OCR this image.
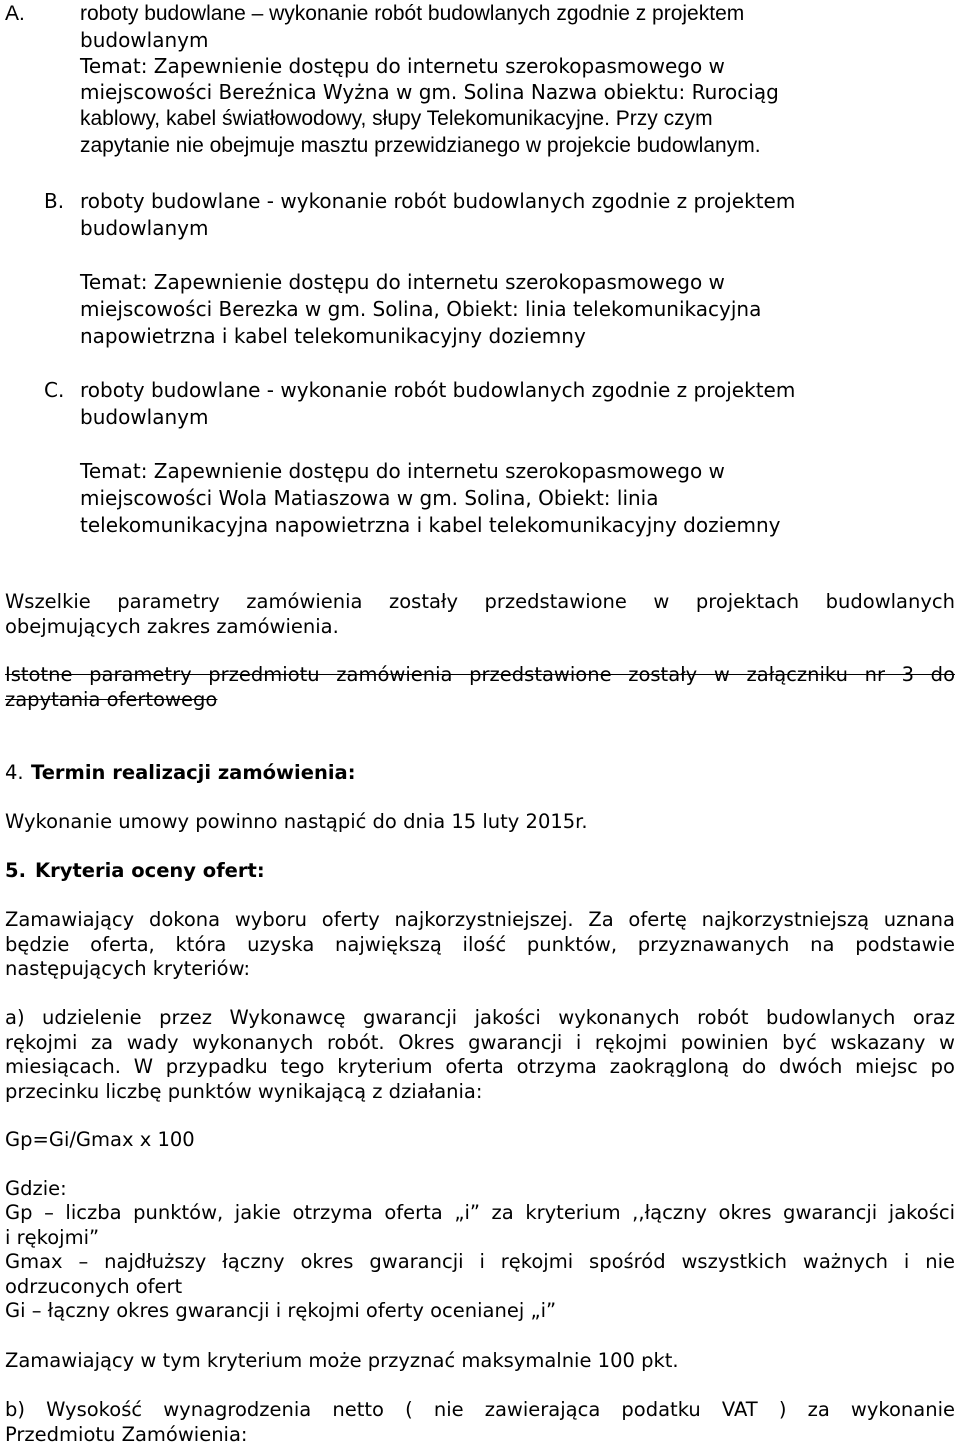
A.	roboty budowlane – wykonanie robót budowlanych zgodnie z projektem
budowlanym
Temat: Zapewnienie dostępu do internetu szerokopasmowego w
miejscowości Bereźnica Wyżna w gm. Solina Nazwa obiektu: Rurociąg
kablowy, kabel światłowodowy, słupy Telekomunikacyjne. Przy czym
zapytanie nie obejmuje masztu przewidzianego w projekcie budowlanym.
B. roboty budowlane - wykonanie robót budowlanych zgodnie z projektem
budowlanym
Temat: Zapewnienie dostępu do internetu szerokopasmowego w
miejscowości Berezka w gm. Solina, Obiekt: linia telekomunikacyjna
napowietrzna i kabel telekomunikacyjny doziemny
C. roboty budowlane - wykonanie robót budowlanych zgodnie z projektem
budowlanym
Temat: Zapewnienie dostępu do internetu szerokopasmowego w
miejscowości Wola Matiaszowa w gm. Solina, Obiekt: linia
telekomunikacyjna napowietrzna i kabel telekomunikacyjny doziemny
Wszelkie parametry zamówienia zostały przedstawione w projektach budowlanych
obejmujących zakres zamówienia.
Istotne parametry przedmiotu zamówienia przedstawione zostały w załączniku nr 3 do
zapytania ofertowego
4. Termin realizacji zamówienia:
Wykonanie umowy powinno nastąpić do dnia 15 luty 2015r.
5. Kryteria oceny ofert:
Zamawiający dokona wyboru oferty najkorzystniejszej. Za ofertę najkorzystniejszą uznana
będzie oferta, która uzyska największą ilość punktów, przyznawanych na podstawie
następujących kryteriów:
a) udzielenie przez Wykonawcę gwarancji jakości wykonanych robót budowlanych oraz
rękojmi za wady wykonanych robót. Okres gwarancji i rękojmi powinien być wskazany w
miesiącach. W przypadku tego kryterium oferta otrzyma zaokrągloną do dwóch miejsc po
przecinku liczbę punktów wynikającą z działania:
Gp=Gi/Gmax x 100
Gdzie:
Gp – liczba punktów, jakie otrzyma oferta „i” za kryterium ,,łączny okres gwarancji jakości
i rękojmi”
Gmax – najdłuższy łączny okres gwarancji i rękojmi spośród wszystkich ważnych i nie
odrzuconych ofert
Gi – łączny okres gwarancji i rękojmi oferty ocenianej „i”
Zamawiający w tym kryterium może przyznać maksymalnie 100 pkt.
b) Wysokość wynagrodzenia netto ( nie zawierająca podatku VAT ) za wykonanie
Przedmiotu Zamówienia:
